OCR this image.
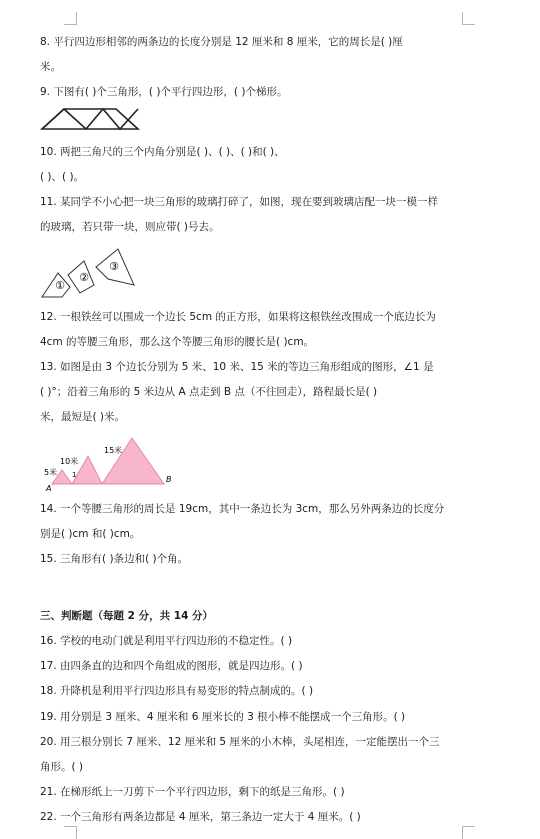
8. 平行四边形相邻的两条边的长度分别是 12 厘米和 8 厘米，它的周长是( )厘
米。
9. 下图有( )个三角形，( )个平行四边形，( )个梯形。
10. 两把三角尺的三个内角分别是( )、( )、( )和( )、
( )、( )。
11. 某同学不小心把一块三角形的玻璃打碎了，如图，现在要到玻璃店配一块一模一样
的玻璃，若只带一块，则应带( )号去。
①
②
③
12. 一根铁丝可以围成一个边长 5cm 的正方形，如果将这根铁丝改围成一个底边长为
4cm 的等腰三角形，那么这个等腰三角形的腰长是( )cm。
13. 如图是由 3 个边长分别为 5 米、10 米、15 米的等边三角形组成的图形，∠1 是
( )°；沿着三角形的 5 米边从 A 点走到 B 点（不往回走），路程最长是( )
米，最短是( )米。
5米
10米
15米
1
A
B
14. 一个等腰三角形的周长是 19cm，其中一条边长为 3cm，那么另外两条边的长度分
别是( )cm 和( )cm。
15. 三角形有( )条边和( )个角。
三、判断题（每题 2 分，共 14 分）
16. 学校的电动门就是利用平行四边形的不稳定性。( )
17. 由四条直的边和四个角组成的图形，就是四边形。( )
18. 升降机是利用平行四边形具有易变形的特点制成的。( )
19. 用分别是 3 厘米、4 厘米和 6 厘米长的 3 根小棒不能摆成一个三角形。( )
20. 用三根分别长 7 厘米、12 厘米和 5 厘米的小木棒，头尾相连，一定能摆出一个三
角形。( )
21. 在梯形纸上一刀剪下一个平行四边形，剩下的纸是三角形。( )
22. 一个三角形有两条边都是 4 厘米，第三条边一定大于 4 厘米。( )
